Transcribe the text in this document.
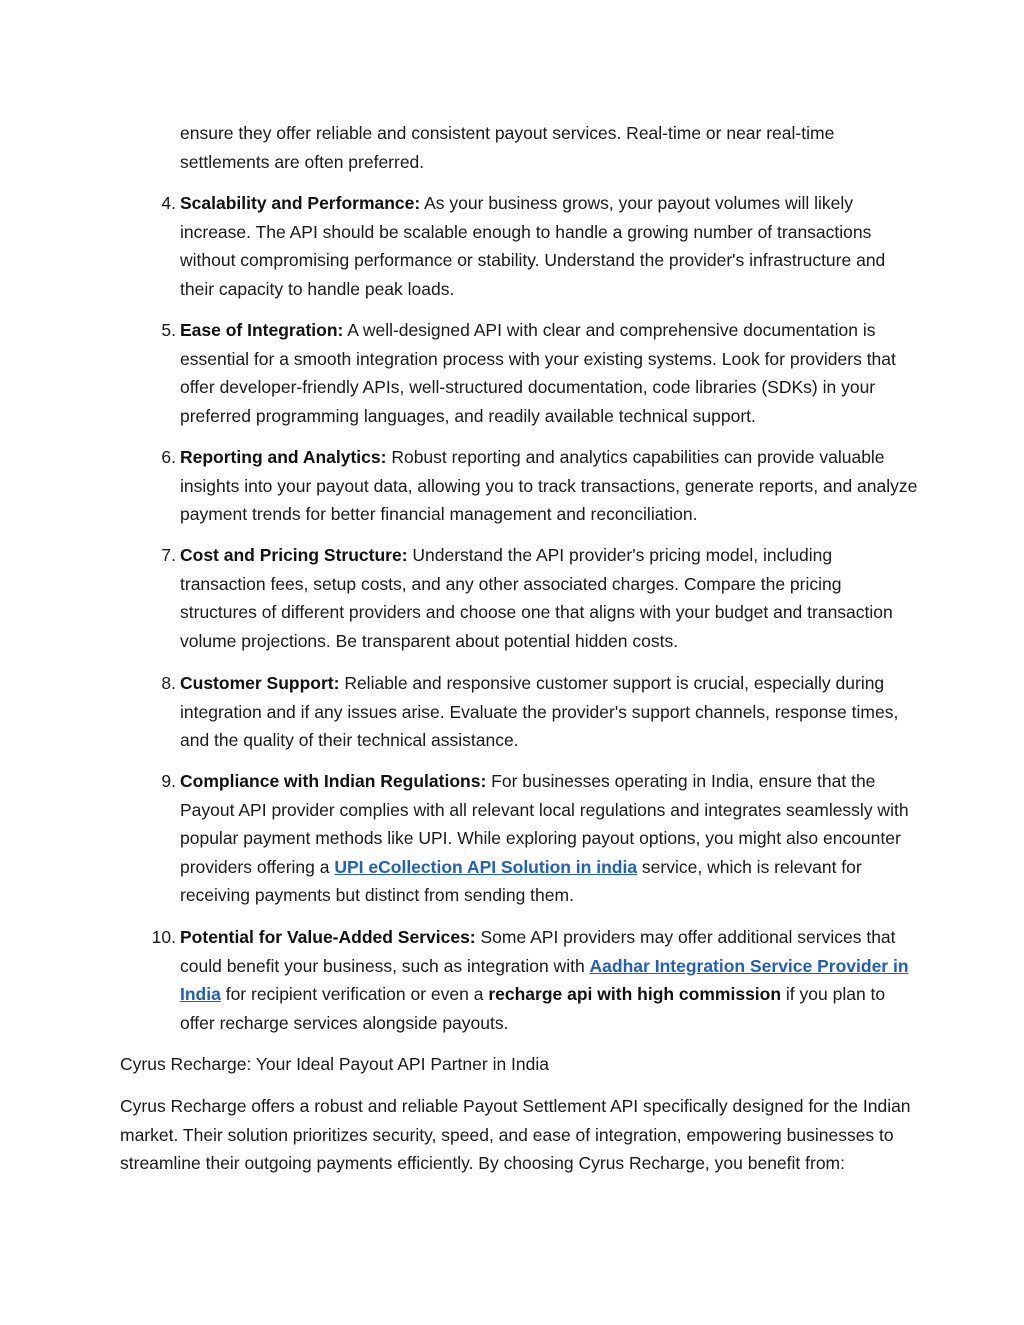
ensure they offer reliable and consistent payout services. Real-time or near real-time settlements are often preferred.

4. Scalability and Performance: As your business grows, your payout volumes will likely increase. The API should be scalable enough to handle a growing number of transactions without compromising performance or stability. Understand the provider's infrastructure and their capacity to handle peak loads.
5. Ease of Integration: A well-designed API with clear and comprehensive documentation is essential for a smooth integration process with your existing systems. Look for providers that offer developer-friendly APIs, well-structured documentation, code libraries (SDKs) in your preferred programming languages, and readily available technical support.
6. Reporting and Analytics: Robust reporting and analytics capabilities can provide valuable insights into your payout data, allowing you to track transactions, generate reports, and analyze payment trends for better financial management and reconciliation.
7. Cost and Pricing Structure: Understand the API provider's pricing model, including transaction fees, setup costs, and any other associated charges. Compare the pricing structures of different providers and choose one that aligns with your budget and transaction volume projections. Be transparent about potential hidden costs.
8. Customer Support: Reliable and responsive customer support is crucial, especially during integration and if any issues arise. Evaluate the provider's support channels, response times, and the quality of their technical assistance.
9. Compliance with Indian Regulations: For businesses operating in India, ensure that the Payout API provider complies with all relevant local regulations and integrates seamlessly with popular payment methods like UPI. While exploring payout options, you might also encounter providers offering a UPI eCollection API Solution in india service, which is relevant for receiving payments but distinct from sending them.
10. Potential for Value-Added Services: Some API providers may offer additional services that could benefit your business, such as integration with Aadhar Integration Service Provider in India for recipient verification or even a recharge api with high commission if you plan to offer recharge services alongside payouts.

Cyrus Recharge: Your Ideal Payout API Partner in India

Cyrus Recharge offers a robust and reliable Payout Settlement API specifically designed for the Indian market. Their solution prioritizes security, speed, and ease of integration, empowering businesses to streamline their outgoing payments efficiently. By choosing Cyrus Recharge, you benefit from:
